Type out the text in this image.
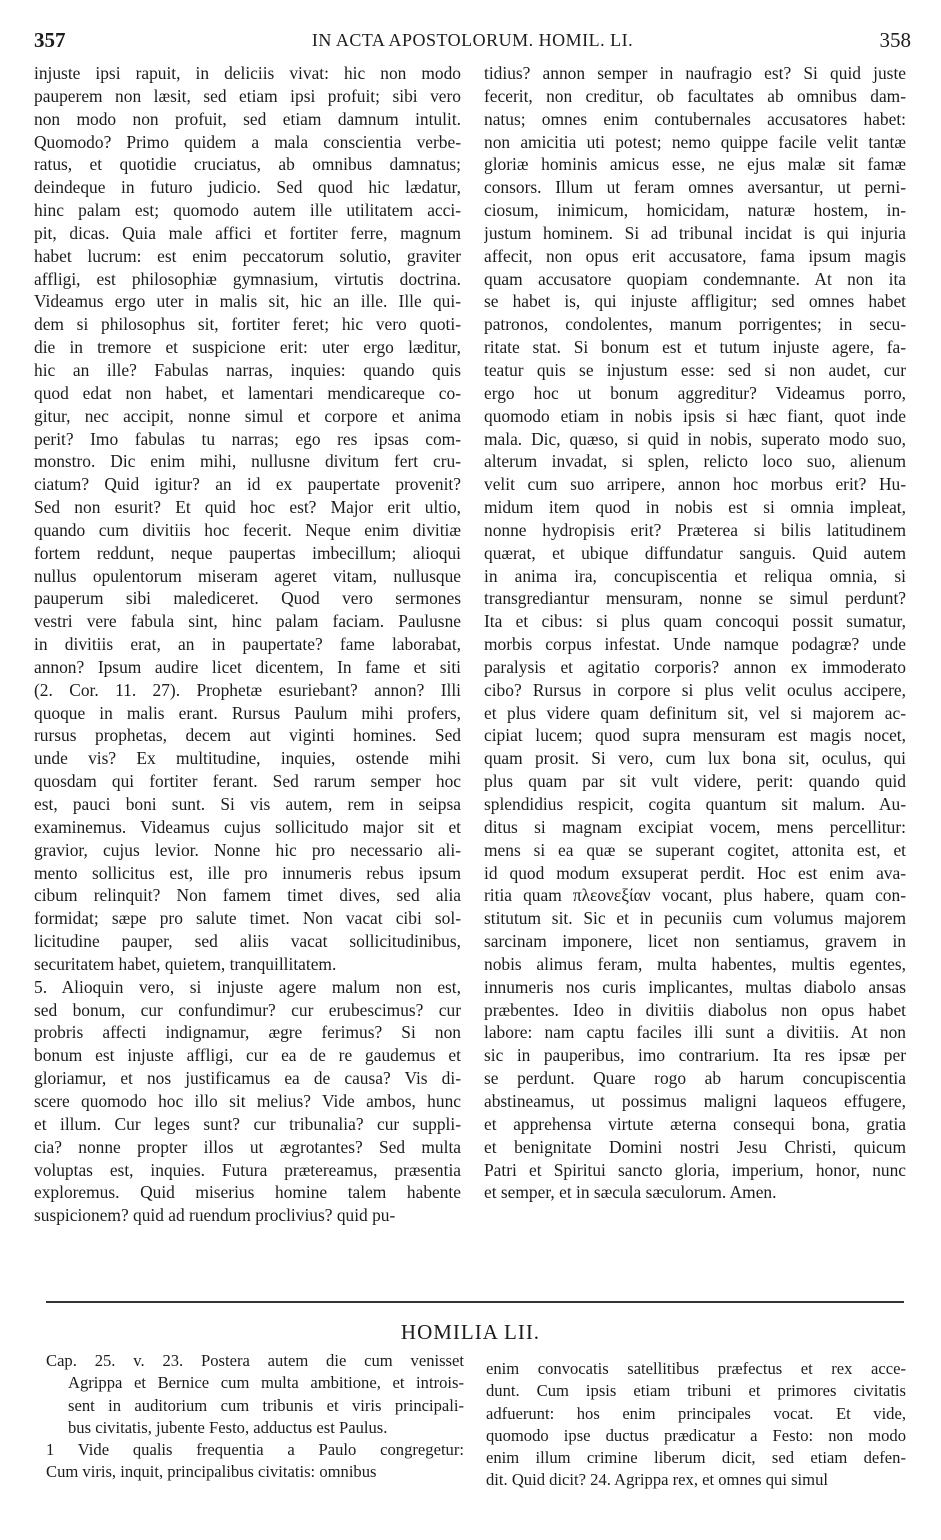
357	IN ACTA APOSTOLORUM. HOMIL. LI.	358
injuste ipsi rapuit, in deliciis vivat: hic non modo
pauperem non læsit, sed etiam ipsi profuit; sibi vero
non modo non profuit, sed etiam damnum intulit.
Quomodo? Primo quidem a mala conscientia verbe-
ratus, et quotidie cruciatus, ab omnibus damnatus;
deindeque in futuro judicio. Sed quod hic lædatur,
hinc palam est; quomodo autem ille utilitatem acci-
pit, dicas. Quia male affici et fortiter ferre, magnum
habet lucrum: est enim peccatorum solutio, graviter
affligi, est philosophiæ gymnasium, virtutis doctrina.
Videamus ergo uter in malis sit, hic an ille. Ille qui-
dem si philosophus sit, fortiter feret; hic vero quoti-
die in tremore et suspicione erit: uter ergo læditur,
hic an ille? Fabulas narras, inquies: quando quis
quod edat non habet, et lamentari mendicareque co-
gitur, nec accipit, nonne simul et corpore et anima
perit? Imo fabulas tu narras; ego res ipsas com-
monstro. Dic enim mihi, nullusne divitum fert cru-
ciatum? Quid igitur? an id ex paupertate provenit?
Sed non esurit? Et quid hoc est? Major erit ultio,
quando cum divitiis hoc fecerit. Neque enim divitiæ
fortem reddunt, neque paupertas imbecillum; alioqui
nullus opulentorum miseram ageret vitam, nullusque
pauperum sibi malediceret. Quod vero sermones
vestri vere fabula sint, hinc palam faciam. Paulusne
in divitiis erat, an in paupertate? fame laborabat,
annon? Ipsum audire licet dicentem, In fame et siti
(2. Cor. 11. 27). Prophetæ esuriebant? annon? Illi
quoque in malis erant. Rursus Paulum mihi profers,
rursus prophetas, decem aut viginti homines. Sed
unde vis? Ex multitudine, inquies, ostende mihi
quosdam qui fortiter ferant. Sed rarum semper hoc
est, pauci boni sunt. Si vis autem, rem in seipsa
examinemus. Videamus cujus sollicitudo major sit et
gravior, cujus levior. Nonne hic pro necessario ali-
mento sollicitus est, ille pro innumeris rebus ipsum
cibum relinquit? Non famem timet dives, sed alia
formidat; sæpe pro salute timet. Non vacat cibi sol-
licitudine pauper, sed aliis vacat sollicitudinibus,
securitatem habet, quietem, tranquillitatem.
5. Alioquin vero, si injuste agere malum non est,
sed bonum, cur confundimur? cur erubescimus? cur
probris affecti indignamur, ægre ferimus? Si non
bonum est injuste affligi, cur ea de re gaudemus et
gloriamur, et nos justificamus ea de causa? Vis di-
scere quomodo hoc illo sit melius? Vide ambos, hunc
et illum. Cur leges sunt? cur tribunalia? cur suppli-
cia? nonne propter illos ut ægrotantes? Sed multa
voluptas est, inquies. Futura prætereamus, præsentia
exploremus. Quid miserius homine talem habente
suspicionem? quid ad ruendum proclivius? quid pu-
tidius? annon semper in naufragio est? Si quid juste
fecerit, non creditur, ob facultates ab omnibus dam-
natus; omnes enim contubernales accusatores habet:
non amicitia uti potest; nemo quippe facile velit tantæ
gloriæ hominis amicus esse, ne ejus malæ sit famæ
consors. Illum ut feram omnes aversantur, ut perni-
ciosum, inimicum, homicidam, naturæ hostem, in-
justum hominem. Si ad tribunal incidat is qui injuria
affecit, non opus erit accusatore, fama ipsum magis
quam accusatore quopiam condemnante. At non ita
se habet is, qui injuste affligitur; sed omnes habet
patronos, condolentes, manum porrigentes; in secu-
ritate stat. Si bonum est et tutum injuste agere, fa-
teatur quis se injustum esse: sed si non audet, cur
ergo hoc ut bonum aggreditur? Videamus porro,
quomodo etiam in nobis ipsis si hæc fiant, quot inde
mala. Dic, quæso, si quid in nobis, superato modo suo,
alterum invadat, si splen, relicto loco suo, alienum
velit cum suo arripere, annon hoc morbus erit? Hu-
midum item quod in nobis est si omnia impleat,
nonne hydropisis erit? Præterea si bilis latitudinem
quærat, et ubique diffundatur sanguis. Quid autem
in anima ira, concupiscentia et reliqua omnia, si
transgrediantur mensuram, nonne se simul perdunt?
Ita et cibus: si plus quam concoqui possit sumatur,
morbis corpus infestat. Unde namque podagræ? unde
paralysis et agitatio corporis? annon ex immoderato
cibo? Rursus in corpore si plus velit oculus accipere,
et plus videre quam definitum sit, vel si majorem ac-
cipiat lucem; quod supra mensuram est magis nocet,
quam prosit. Si vero, cum lux bona sit, oculus, qui
plus quam par sit vult videre, perit: quando quid
splendidius respicit, cogita quantum sit malum. Au-
ditus si magnam excipiat vocem, mens percellitur:
mens si ea quæ se superant cogitet, attonita est, et
id quod modum exsuperat perdit. Hoc est enim ava-
ritia quam πλεονεξίαν vocant, plus habere, quam con-
stitutum sit. Sic et in pecuniis cum volumus majorem
sarcinam imponere, licet non sentiamus, gravem in
nobis alimus feram, multa habentes, multis egentes,
innumeris nos curis implicantes, multas diabolo ansas
præbentes. Ideo in divitiis diabolus non opus habet
labore: nam captu faciles illi sunt a divitiis. At non
sic in pauperibus, imo contrarium. Ita res ipsæ per
se perdunt. Quare rogo ab harum concupiscentia
abstineamus, ut possimus maligni laqueos effugere,
et apprehensa virtute æterna consequi bona, gratia
et benignitate Domini nostri Jesu Christi, quicum
Patri et Spiritui sancto gloria, imperium, honor, nunc
et semper, et in sæcula sæculorum. Amen.
HOMILIA LII.
Cap. 25. v. 23. Postera autem die cum venisset
Agrippa et Bernice cum multa ambitione, et introis-
sent in auditorium cum tribunis et viris principali-
bus civitatis, jubente Festo, adductus est Paulus.
1 Vide qualis frequentia a Paulo congregetur:
Cum viris, inquit, principalibus civitatis: omnibus
enim convocatis satellitibus præfectus et rex acce-
dunt. Cum ipsis etiam tribuni et primores civitatis
adfuerunt: hos enim principales vocat. Et vide,
quomodo ipse ductus prædicatur a Festo: non modo
enim illum crimine liberum dicit, sed etiam defen-
dit. Quid dicit? 24. Agrippa rex, et omnes qui simul
